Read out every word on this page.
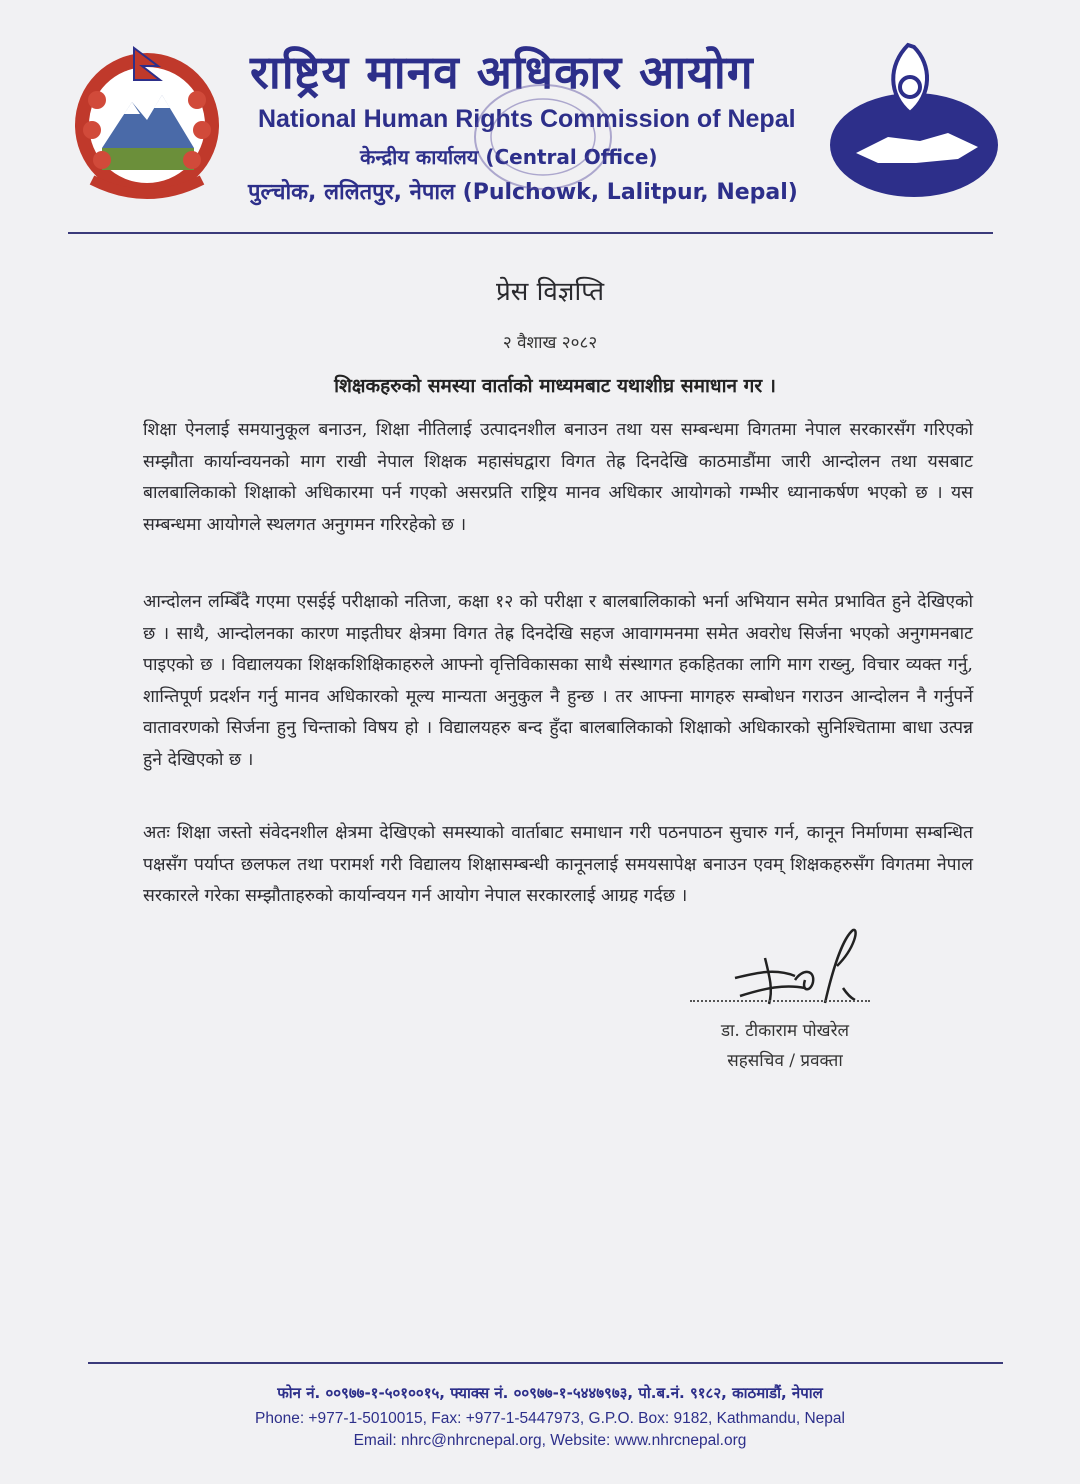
राष्ट्रिय मानव अधिकार आयोग
National Human Rights Commission of Nepal
केन्द्रीय कार्यालय (Central Office)
पुल्चोक, ललितपुर, नेपाल (Pulchowk, Lalitpur, Nepal)
प्रेस विज्ञप्ति
२ वैशाख २०८२
शिक्षकहरुको समस्या वार्ताको माध्यमबाट यथाशीघ्र समाधान गर ।

शिक्षा ऐनलाई समयानुकूल बनाउन, शिक्षा नीतिलाई उत्पादनशील बनाउन तथा यस सम्बन्धमा विगतमा नेपाल सरकारसँग गरिएको सम्झौता कार्यान्वयनको माग राखी नेपाल शिक्षक महासंघद्वारा विगत तेह्र दिनदेखि काठमाडौंमा जारी आन्दोलन तथा यसबाट बालबालिकाको शिक्षाको अधिकारमा पर्न गएको असरप्रति राष्ट्रिय मानव अधिकार आयोगको गम्भीर ध्यानाकर्षण भएको छ । यस सम्बन्धमा आयोगले स्थलगत अनुगमन गरिरहेको छ ।

आन्दोलन लम्बिँदै गएमा एसईई परीक्षाको नतिजा, कक्षा १२ को परीक्षा र बालबालिकाको भर्ना अभियान समेत प्रभावित हुने देखिएको छ । साथै, आन्दोलनका कारण माइतीघर क्षेत्रमा विगत तेह्र दिनदेखि सहज आवागमनमा समेत अवरोध सिर्जना भएको अनुगमनबाट पाइएको छ । विद्यालयका शिक्षकशिक्षिकाहरुले आफ्नो वृत्तिविकासका साथै संस्थागत हकहितका लागि माग राख्नु, विचार व्यक्त गर्नु, शान्तिपूर्ण प्रदर्शन गर्नु मानव अधिकारको मूल्य मान्यता अनुकुल नै हुन्छ । तर आफ्ना मागहरु सम्बोधन गराउन आन्दोलन नै गर्नुपर्ने वातावरणको सिर्जना हुनु चिन्ताको विषय हो । विद्यालयहरु बन्द हुँदा बालबालिकाको शिक्षाको अधिकारको सुनिश्चितामा बाधा उत्पन्न हुने देखिएको छ ।

अतः शिक्षा जस्तो संवेदनशील क्षेत्रमा देखिएको समस्याको वार्ताबाट समाधान गरी पठनपाठन सुचारु गर्न, कानून निर्माणमा सम्बन्धित पक्षसँग पर्याप्त छलफल तथा परामर्श गरी विद्यालय शिक्षासम्बन्धी कानूनलाई समयसापेक्ष बनाउन एवम् शिक्षकहरुसँग विगतमा नेपाल सरकारले गरेका सम्झौताहरुको कार्यान्वयन गर्न आयोग नेपाल सरकारलाई आग्रह गर्दछ ।

डा. टीकाराम पोखरेल
सहसचिव / प्रवक्ता
फोन नं. ००९७७-१-५०१००१५, फ्याक्स नं. ००९७७-१-५४४७९७३, पो.ब.नं. ९१८२, काठमाडौं, नेपाल
Phone: +977-1-5010015, Fax: +977-1-5447973, G.P.O. Box: 9182, Kathmandu, Nepal
Email: nhrc@nhrcnepal.org, Website: www.nhrcnepal.org
